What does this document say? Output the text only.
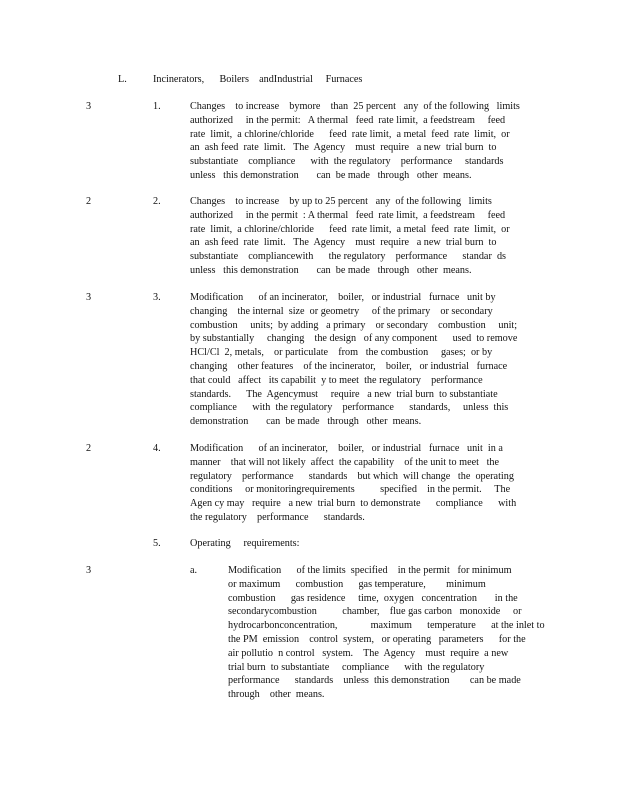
L.	Incinerators,      Boilers    andIndustrial     Furnaces
3	1.	Changes    to increase    bymore    than  25 percent   any  of the following   limits
authorized     in the permit:   A thermal   feed  rate limit,  a feedstream     feed
rate  limit,  a chlorine/chloride      feed  rate limit,  a metal  feed  rate  limit,  or
an  ash feed  rate  limit.   The  Agency    must  require   a new  trial burn  to
substantiate    compliance      with  the regulatory    performance     standards
unless   this demonstration       can  be made   through   other  means.
2	2.	Changes    to increase    by up to 25 percent   any  of the following   limits
authorized     in the permit  : A thermal   feed  rate limit,  a feedstream     feed
rate  limit,  a chlorine/chloride      feed  rate limit,  a metal  feed  rate  limit,  or
an  ash feed  rate  limit.   The  Agency    must  require   a new  trial burn  to
substantiate    compliancewith      the regulatory    performance      standar  ds
unless   this demonstration       can  be made   through   other  means.
3	3.	Modification      of an incinerator,    boiler,   or industrial   furnace   unit by
changing    the internal  size  or geometry     of the primary    or secondary
combustion     units;  by adding   a primary    or secondary    combustion     unit;
by substantially     changing    the design   of any component      used  to remove
HCl/Cl  2, metals,    or particulate    from   the combustion     gases;  or by
changing    other features    of the incinerator,    boiler,   or industrial   furnace
that could   affect   its capabilit  y to meet  the regulatory    performance
standards.      The  Agencymust     require   a new  trial burn  to substantiate
compliance      with  the regulatory    performance      standards,     unless  this
demonstration       can  be made   through   other  means.
2	4.	Modification      of an incinerator,    boiler,   or industrial   furnace   unit  in a
manner    that will not likely  affect  the capability    of the unit to meet   the
regulatory    performance      standards    but which  will change   the  operating
conditions     or monitoringrequirements          specified    in the permit.     The
Agen cy may   require   a new  trial burn  to demonstrate      compliance      with
the regulatory    performance      standards.
5.	Operating     requirements:
3	a.	Modification      of the limits  specified    in the permit   for minimum
or maximum      combustion      gas temperature,        minimum
combustion      gas residence     time,  oxygen   concentration       in the
secondarycombustion          chamber,    flue gas carbon   monoxide     or
hydrocarbonconcentration,             maximum      temperature      at the inlet to
the PM  emission    control  system,   or operating   parameters      for the
air pollutio  n control   system.    The  Agency    must  require  a new
trial burn  to substantiate     compliance      with  the regulatory
performance      standards    unless  this demonstration        can be made
through    other  means.
